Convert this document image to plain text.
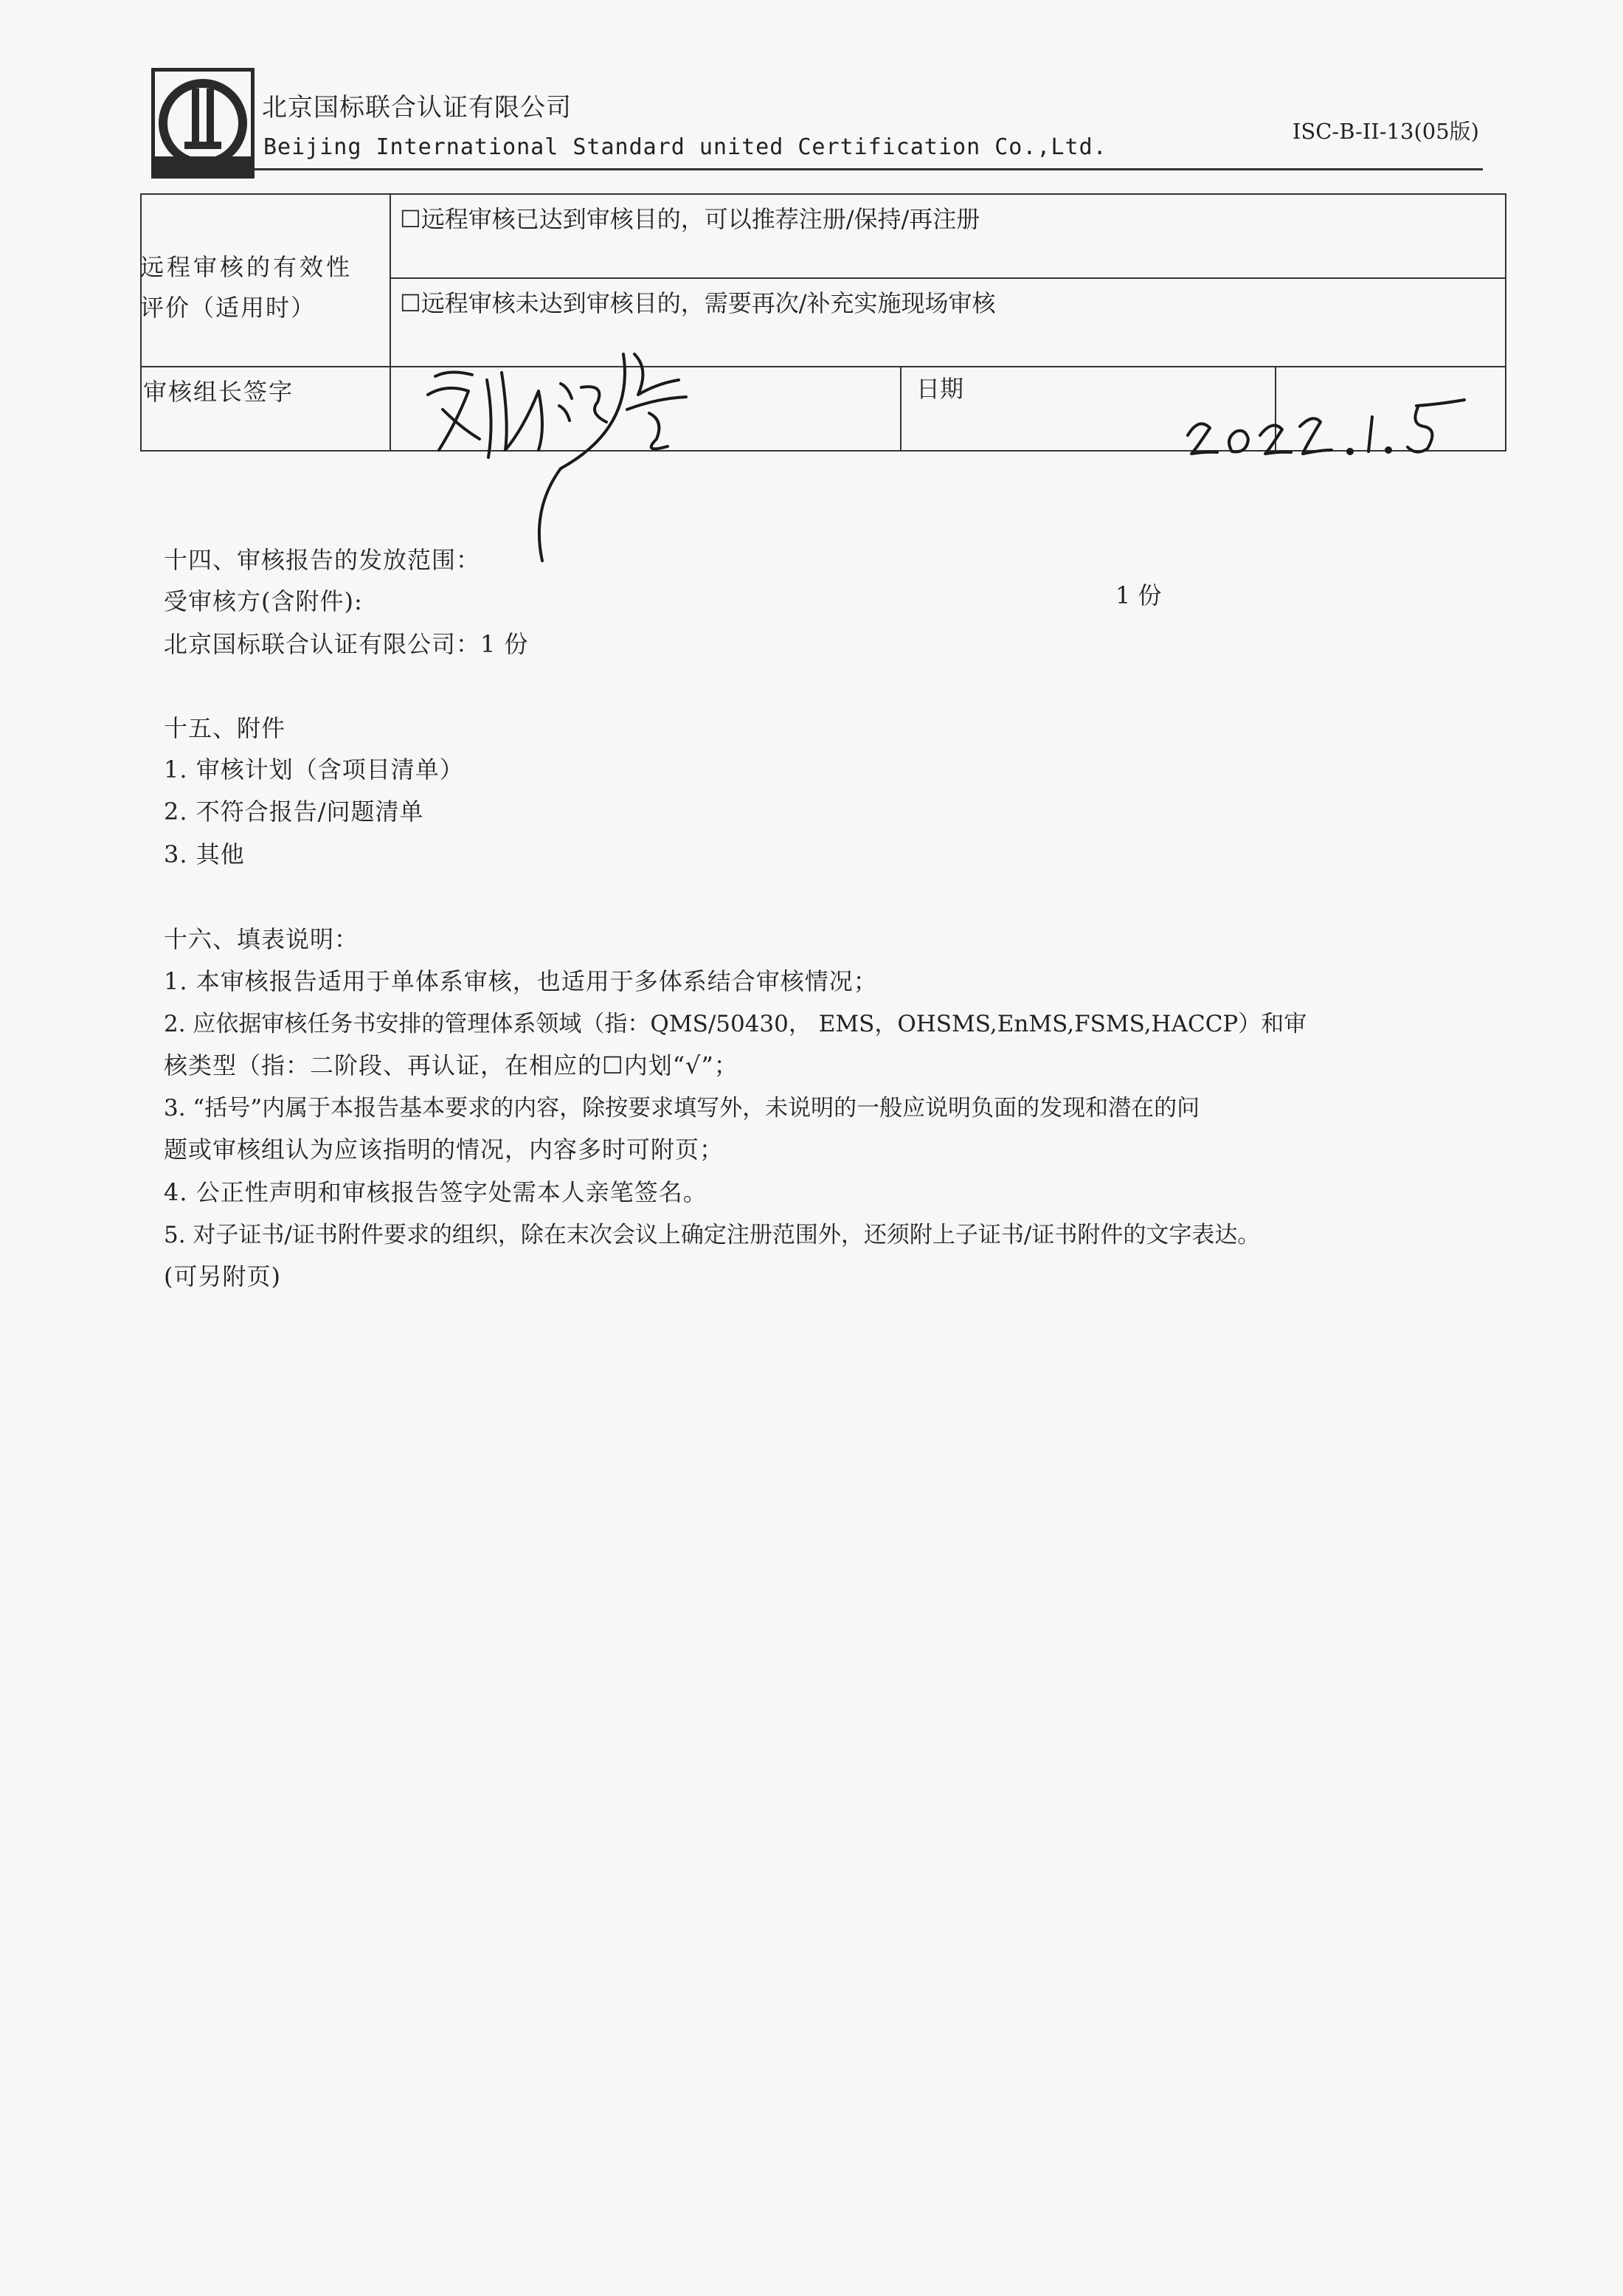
北京国标联合认证有限公司
Beijing International Standard united Certification Co.,Ltd.
ISC-B-II-13(05版)
远程审核的有效性
评价（适用时）
☐远程审核已达到审核目的，可以推荐注册/保持/再注册
☐远程审核未达到审核目的，需要再次/补充实施现场审核
审核组长签字	日期
十四、审核报告的发放范围：
受审核方(含附件):	1 份
北京国标联合认证有限公司：1 份
十五、附件
1. 审核计划（含项目清单）
2. 不符合报告/问题清单
3. 其他
十六、填表说明：
1. 本审核报告适用于单体系审核，也适用于多体系结合审核情况；
2. 应依据审核任务书安排的管理体系领域（指：QMS/50430， EMS，OHSMS,EnMS,FSMS,HACCP）和审
核类型（指：二阶段、再认证，在相应的☐内划“√”；
3. “括号”内属于本报告基本要求的内容，除按要求填写外，未说明的一般应说明负面的发现和潜在的问
题或审核组认为应该指明的情况，内容多时可附页；
4. 公正性声明和审核报告签字处需本人亲笔签名。
5. 对子证书/证书附件要求的组织，除在末次会议上确定注册范围外，还须附上子证书/证书附件的文字表达。
(可另附页)
